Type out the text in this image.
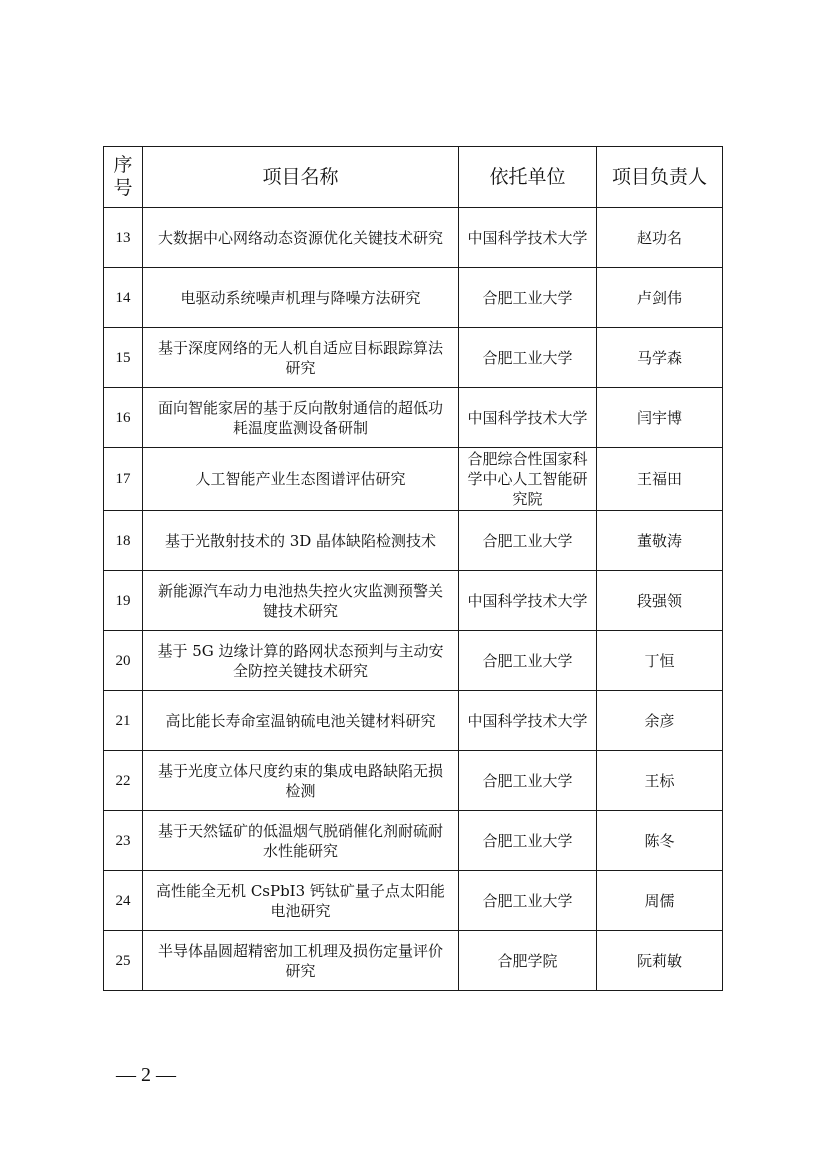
序号	项目名称	依托单位	项目负责人
13	大数据中心网络动态资源优化关键技术研究	中国科学技术大学	赵功名
14	电驱动系统噪声机理与降噪方法研究	合肥工业大学	卢剑伟
15	基于深度网络的无人机自适应目标跟踪算法研究	合肥工业大学	马学森
16	面向智能家居的基于反向散射通信的超低功耗温度监测设备研制	中国科学技术大学	闫宇博
17	人工智能产业生态图谱评估研究	合肥综合性国家科学中心人工智能研究院	王福田
18	基于光散射技术的 3D 晶体缺陷检测技术	合肥工业大学	董敬涛
19	新能源汽车动力电池热失控火灾监测预警关键技术研究	中国科学技术大学	段强领
20	基于 5G 边缘计算的路网状态预判与主动安全防控关键技术研究	合肥工业大学	丁恒
21	高比能长寿命室温钠硫电池关键材料研究	中国科学技术大学	余彦
22	基于光度立体尺度约束的集成电路缺陷无损检测	合肥工业大学	王标
23	基于天然锰矿的低温烟气脱硝催化剂耐硫耐水性能研究	合肥工业大学	陈冬
24	高性能全无机 CsPbI3 钙钛矿量子点太阳能电池研究	合肥工业大学	周儒
25	半导体晶圆超精密加工机理及损伤定量评价研究	合肥学院	阮莉敏
— 2 —
